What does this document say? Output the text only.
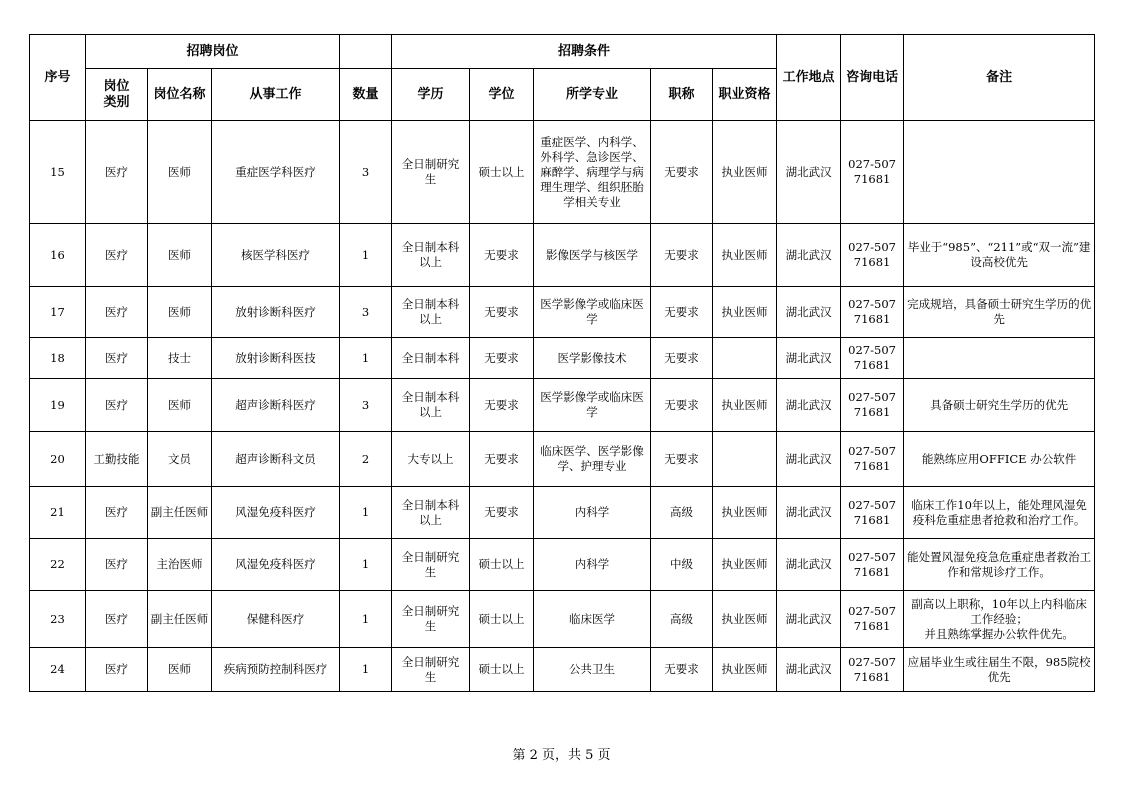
序号	招聘岗位				招聘条件					工作地点	咨询电话	备注
	岗位类别	岗位名称	从事工作	数量	学历	学位	所学专业	职称	职业资格			
15	医疗	医师	重症医学科医疗	3	全日制研究生	硕士以上	重症医学、内科学、外科学、急诊医学、麻醉学、病理学与病理生理学、组织胚胎学相关专业	无要求	执业医师	湖北武汉	027-50771681	
16	医疗	医师	核医学科医疗	1	全日制本科以上	无要求	影像医学与核医学	无要求	执业医师	湖北武汉	027-50771681	毕业于“985”、“211”或“双一流”建设高校优先
17	医疗	医师	放射诊断科医疗	3	全日制本科以上	无要求	医学影像学或临床医学	无要求	执业医师	湖北武汉	027-50771681	完成规培，具备硕士研究生学历的优先
18	医疗	技士	放射诊断科医技	1	全日制本科	无要求	医学影像技术	无要求		湖北武汉	027-50771681	
19	医疗	医师	超声诊断科医疗	3	全日制本科以上	无要求	医学影像学或临床医学	无要求	执业医师	湖北武汉	027-50771681	具备硕士研究生学历的优先
20	工勤技能	文员	超声诊断科文员	2	大专以上	无要求	临床医学、医学影像学、护理专业	无要求		湖北武汉	027-50771681	能熟练应用OFFICE 办公软件
21	医疗	副主任医师	风湿免疫科医疗	1	全日制本科以上	无要求	内科学	高级	执业医师	湖北武汉	027-50771681	临床工作10年以上，能处理风湿免疫科危重症患者抢救和治疗工作。
22	医疗	主治医师	风湿免疫科医疗	1	全日制研究生	硕士以上	内科学	中级	执业医师	湖北武汉	027-50771681	能处置风湿免疫急危重症患者救治工作和常规诊疗工作。
23	医疗	副主任医师	保健科医疗	1	全日制研究生	硕士以上	临床医学	高级	执业医师	湖北武汉	027-50771681	副高以上职称，10年以上内科临床工作经验；
并且熟练掌握办公软件优先。
24	医疗	医师	疾病预防控制科医疗	1	全日制研究生	硕士以上	公共卫生	无要求	执业医师	湖北武汉	027-50771681	应届毕业生或往届生不限，985院校优先
第 2 页，共 5 页
